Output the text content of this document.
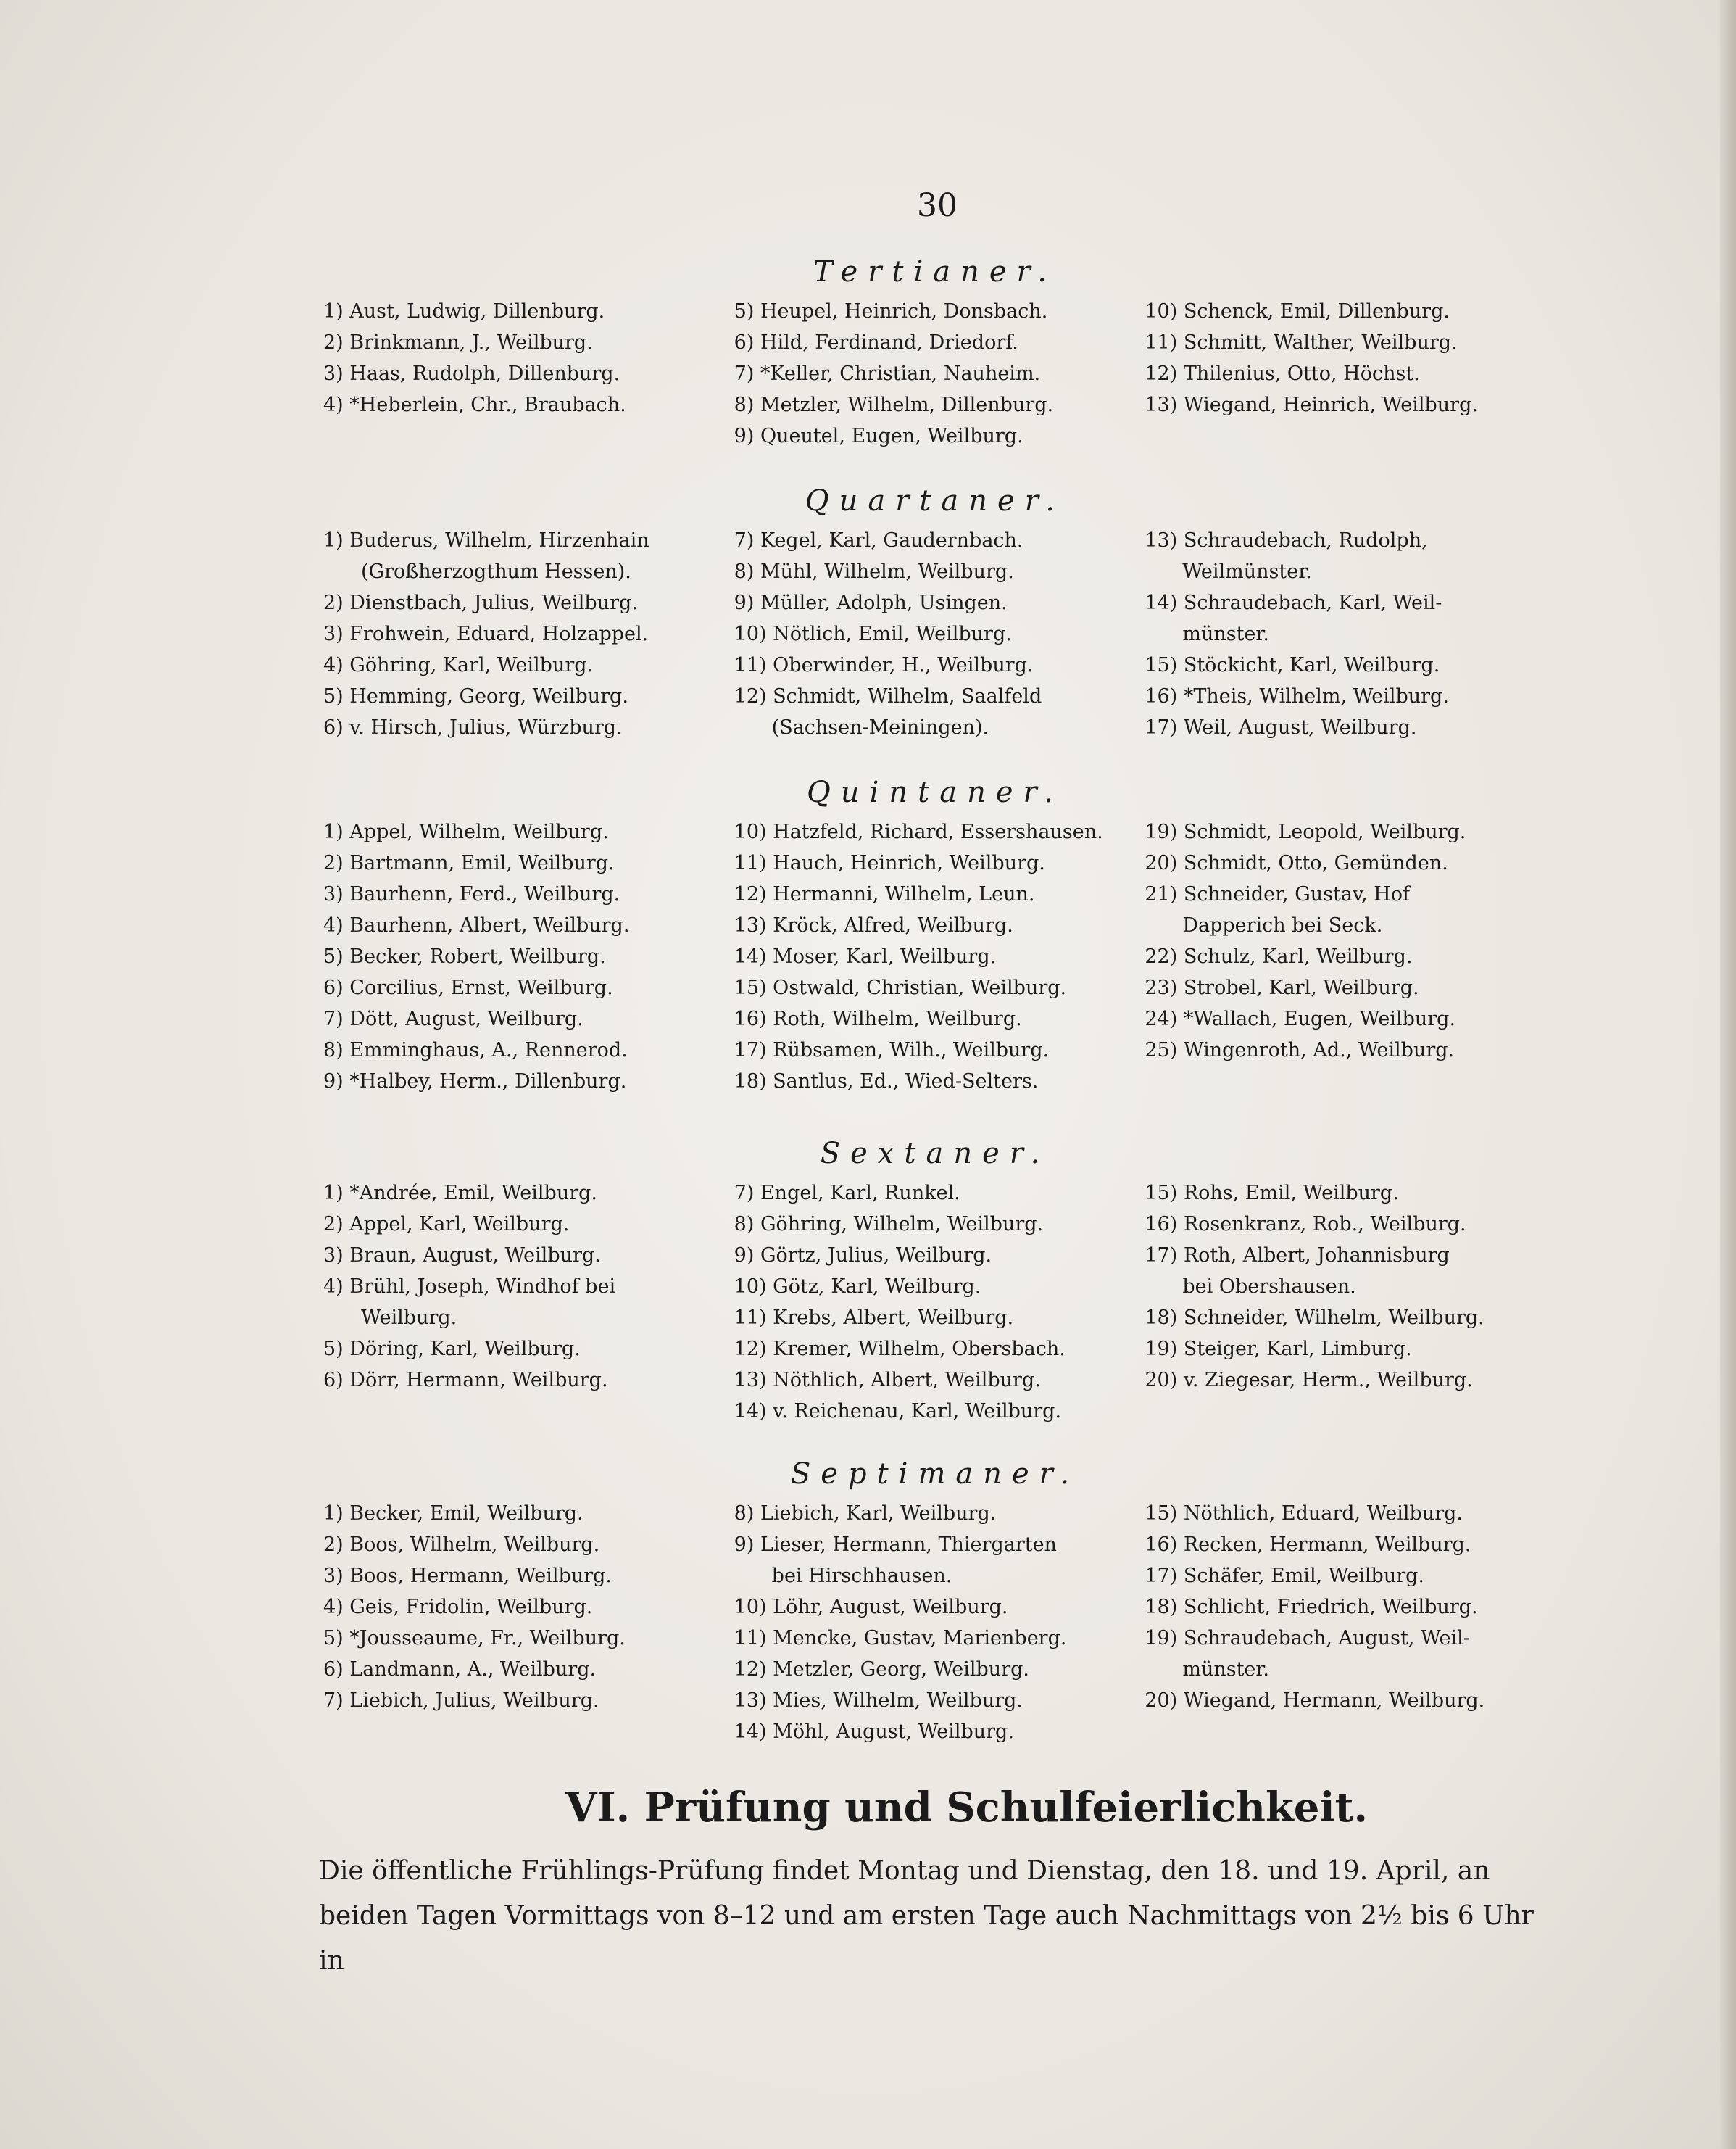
30
Tertianer.
1) Aust, Ludwig, Dillenburg.
2) Brinkmann, J., Weilburg.
3) Haas, Rudolph, Dillenburg.
4) *Heberlein, Chr., Braubach.
5) Heupel, Heinrich, Donsbach.
6) Hild, Ferdinand, Driedorf.
7) *Keller, Christian, Nauheim.
8) Metzler, Wilhelm, Dillenburg.
9) Queutel, Eugen, Weilburg.
10) Schenck, Emil, Dillenburg.
11) Schmitt, Walther, Weilburg.
12) Thilenius, Otto, Höchst.
13) Wiegand, Heinrich, Weilburg.
Quartaner.
1) Buderus, Wilhelm, Hirzenhain
(Großherzogthum Hessen).
2) Dienstbach, Julius, Weilburg.
3) Frohwein, Eduard, Holzappel.
4) Göhring, Karl, Weilburg.
5) Hemming, Georg, Weilburg.
6) v. Hirsch, Julius, Würzburg.
7) Kegel, Karl, Gaudernbach.
8) Mühl, Wilhelm, Weilburg.
9) Müller, Adolph, Usingen.
10) Nötlich, Emil, Weilburg.
11) Oberwinder, H., Weilburg.
12) Schmidt, Wilhelm, Saalfeld
(Sachsen-Meiningen).
13) Schraudebach, Rudolph,
Weilmünster.
14) Schraudebach, Karl, Weil-
münster.
15) Stöckicht, Karl, Weilburg.
16) *Theis, Wilhelm, Weilburg.
17) Weil, August, Weilburg.
Quintaner.
1) Appel, Wilhelm, Weilburg.
2) Bartmann, Emil, Weilburg.
3) Baurhenn, Ferd., Weilburg.
4) Baurhenn, Albert, Weilburg.
5) Becker, Robert, Weilburg.
6) Corcilius, Ernst, Weilburg.
7) Dött, August, Weilburg.
8) Emminghaus, A., Rennerod.
9) *Halbey, Herm., Dillenburg.
10) Hatzfeld, Richard, Essershausen.
11) Hauch, Heinrich, Weilburg.
12) Hermanni, Wilhelm, Leun.
13) Kröck, Alfred, Weilburg.
14) Moser, Karl, Weilburg.
15) Ostwald, Christian, Weilburg.
16) Roth, Wilhelm, Weilburg.
17) Rübsamen, Wilh., Weilburg.
18) Santlus, Ed., Wied-Selters.
19) Schmidt, Leopold, Weilburg.
20) Schmidt, Otto, Gemünden.
21) Schneider, Gustav, Hof
Dapperich bei Seck.
22) Schulz, Karl, Weilburg.
23) Strobel, Karl, Weilburg.
24) *Wallach, Eugen, Weilburg.
25) Wingenroth, Ad., Weilburg.
Sextaner.
1) *Andrée, Emil, Weilburg.
2) Appel, Karl, Weilburg.
3) Braun, August, Weilburg.
4) Brühl, Joseph, Windhof bei
Weilburg.
5) Döring, Karl, Weilburg.
6) Dörr, Hermann, Weilburg.
7) Engel, Karl, Runkel.
8) Göhring, Wilhelm, Weilburg.
9) Görtz, Julius, Weilburg.
10) Götz, Karl, Weilburg.
11) Krebs, Albert, Weilburg.
12) Kremer, Wilhelm, Obersbach.
13) Nöthlich, Albert, Weilburg.
14) v. Reichenau, Karl, Weilburg.
15) Rohs, Emil, Weilburg.
16) Rosenkranz, Rob., Weilburg.
17) Roth, Albert, Johannisburg
bei Obershausen.
18) Schneider, Wilhelm, Weilburg.
19) Steiger, Karl, Limburg.
20) v. Ziegesar, Herm., Weilburg.
Septimaner.
1) Becker, Emil, Weilburg.
2) Boos, Wilhelm, Weilburg.
3) Boos, Hermann, Weilburg.
4) Geis, Fridolin, Weilburg.
5) *Jousseaume, Fr., Weilburg.
6) Landmann, A., Weilburg.
7) Liebich, Julius, Weilburg.
8) Liebich, Karl, Weilburg.
9) Lieser, Hermann, Thiergarten
bei Hirschhausen.
10) Löhr, August, Weilburg.
11) Mencke, Gustav, Marienberg.
12) Metzler, Georg, Weilburg.
13) Mies, Wilhelm, Weilburg.
14) Möhl, August, Weilburg.
15) Nöthlich, Eduard, Weilburg.
16) Recken, Hermann, Weilburg.
17) Schäfer, Emil, Weilburg.
18) Schlicht, Friedrich, Weilburg.
19) Schraudebach, August, Weil-
münster.
20) Wiegand, Hermann, Weilburg.
VI. Prüfung und Schulfeierlichkeit.

Die öffentliche Frühlings-Prüfung findet Montag und Dienstag, den 18. und 19. April, an

beiden Tagen Vormittags von 8–12 und am ersten Tage auch Nachmittags von 2½ bis 6 Uhr in
